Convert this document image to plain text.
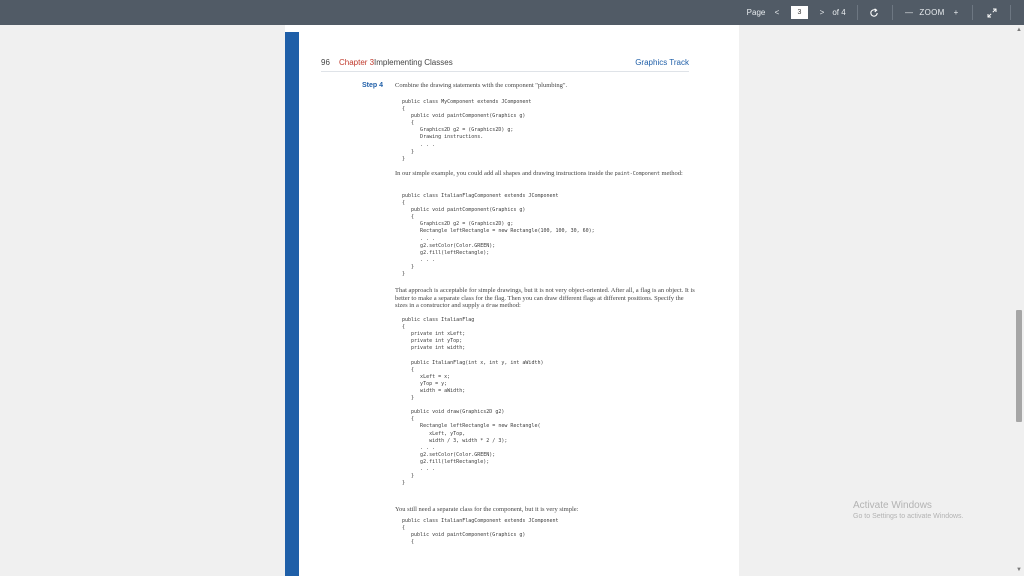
Page	<
3	> of 4	— ZOOM +
96 Chapter 3 Implementing Classes	Graphics Track
Step 4 Combine the drawing statements with the component "plumbing".
public class MyComponent extends JComponent
{
public void paintComponent(Graphics g)
{
Graphics2D g2 = (Graphics2D) g;
Drawing instructions.
. . .
}
}
In our simple example, you could add all shapes and drawing instructions inside the paint-Component method:
public class ItalianFlagComponent extends JComponent
{
public void paintComponent(Graphics g)
{
Graphics2D g2 = (Graphics2D) g;
Rectangle leftRectangle = new Rectangle(100, 100, 30, 60);
. . .
g2.setColor(Color.GREEN);
g2.fill(leftRectangle);
. . .
}
}
That approach is acceptable for simple drawings, but it is not very object-oriented. After all, a flag is an object. It is better to make a separate class for the flag. Then you can draw different flags at different positions. Specify the sizes in a constructor and supply a draw method:
public class ItalianFlag
{
private int xLeft;
private int yTop;
private int width;

public ItalianFlag(int x, int y, int aWidth)
{
xLeft = x;
yTop = y;
width = aWidth;
}

public void draw(Graphics2D g2)
{
Rectangle leftRectangle = new Rectangle(
xLeft, yTop,
width / 3, width * 2 / 3);
. . .
g2.setColor(Color.GREEN);
g2.fill(leftRectangle);
. . .
}
}
You still need a separate class for the component, but it is very simple:
public class ItalianFlagComponent extends JComponent
{
public void paintComponent(Graphics g)
{
▲
▼
Activate Windows
Go to Settings to activate Windows.
